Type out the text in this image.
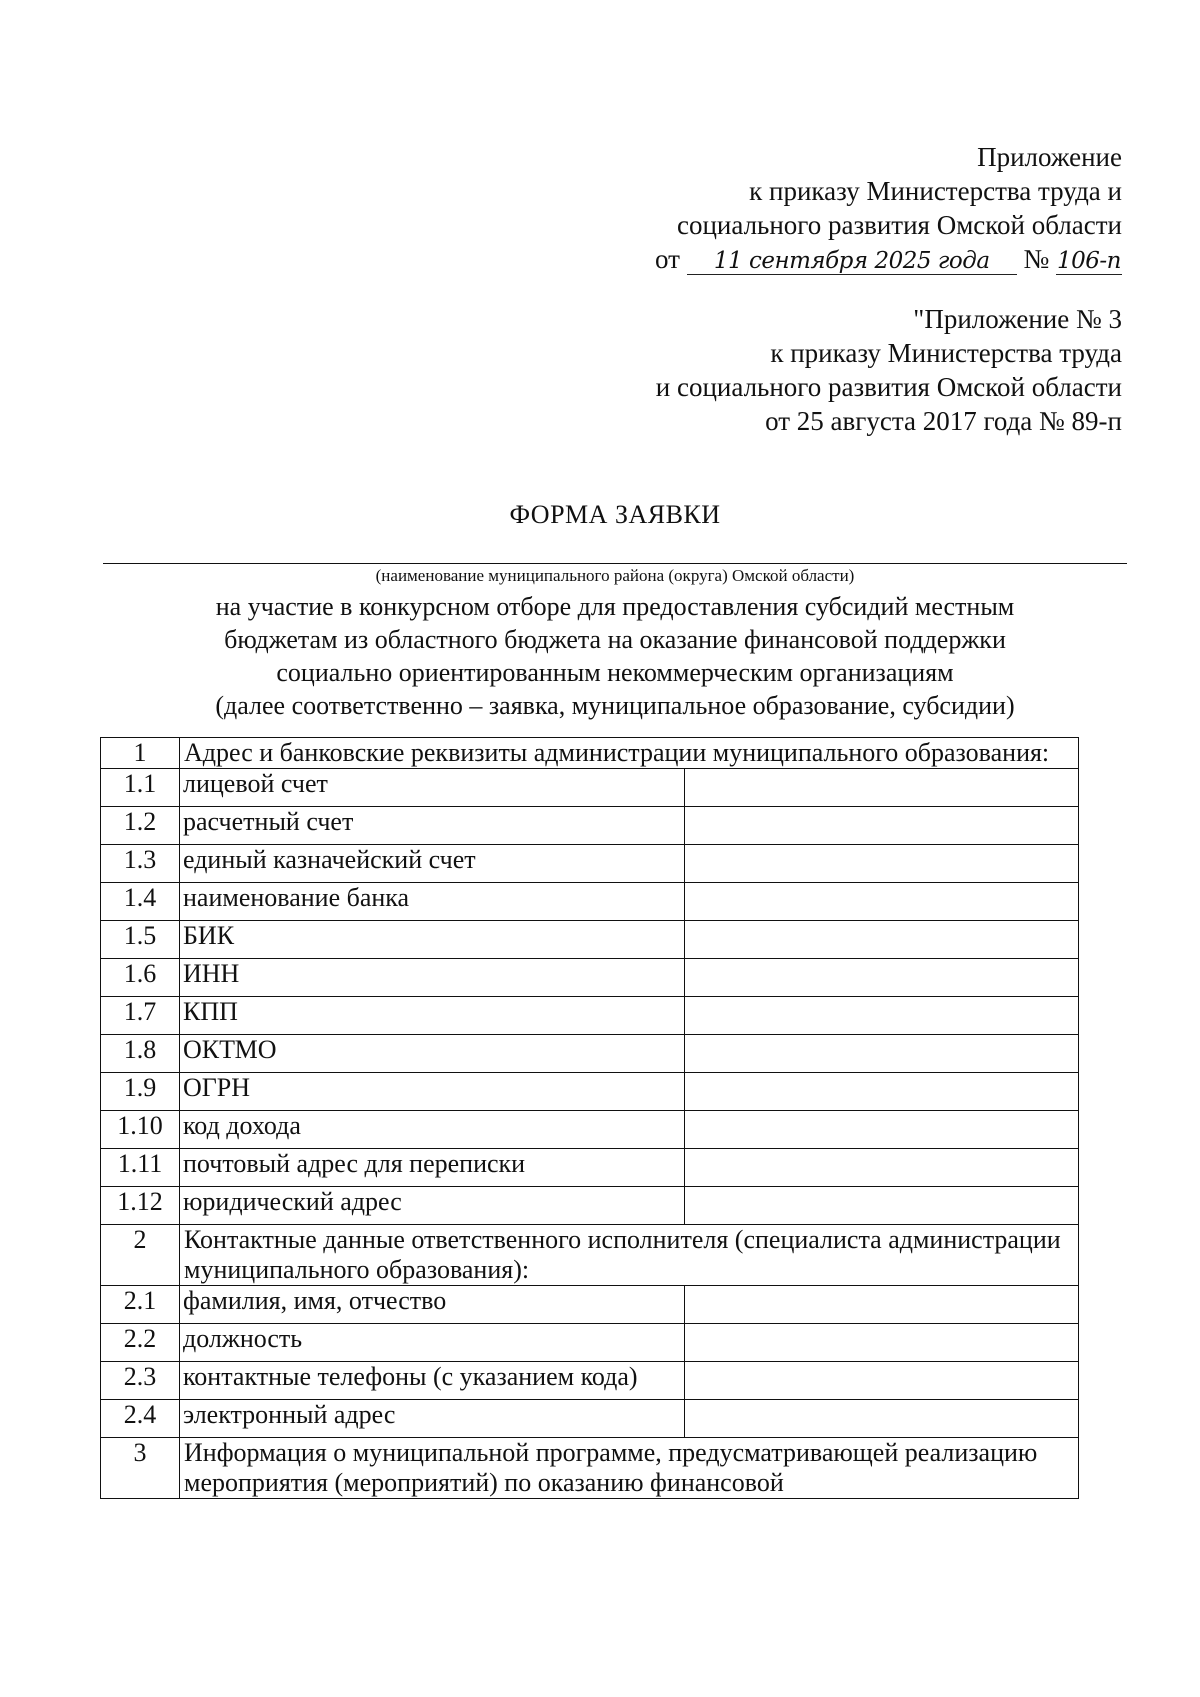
Приложение
к приказу Министерства труда и
социального развития Омской области
от 11 сентября 2025 года № 106-п
"Приложение № 3
к приказу Министерства труда
и социального развития Омской области
от 25 августа 2017 года № 89-п
ФОРМА ЗАЯВКИ
(наименование муниципального района (округа) Омской области)
на участие в конкурсном отборе для предоставления субсидий местным
бюджетам из областного бюджета на оказание финансовой поддержки
социально ориентированным некоммерческим организациям
(далее соответственно – заявка, муниципальное образование, субсидии)
1	Адрес и банковские реквизиты администрации муниципального образования:	
1.1	лицевой счет	
1.2	расчетный счет	
1.3	единый казначейский счет	
1.4	наименование банка	
1.5	БИК	
1.6	ИНН	
1.7	КПП	
1.8	ОКТМО	
1.9	ОГРН	
1.10	код дохода	
1.11	почтовый адрес для переписки	
1.12	юридический адрес	
2	Контактные данные ответственного исполнителя (специалиста администрации муниципального образования):	
2.1	фамилия, имя, отчество	
2.2	должность	
2.3	контактные телефоны (с указанием кода)	
2.4	электронный адрес	
3	Информация о муниципальной программе, предусматривающей реализацию мероприятия (мероприятий) по оказанию финансовой	
